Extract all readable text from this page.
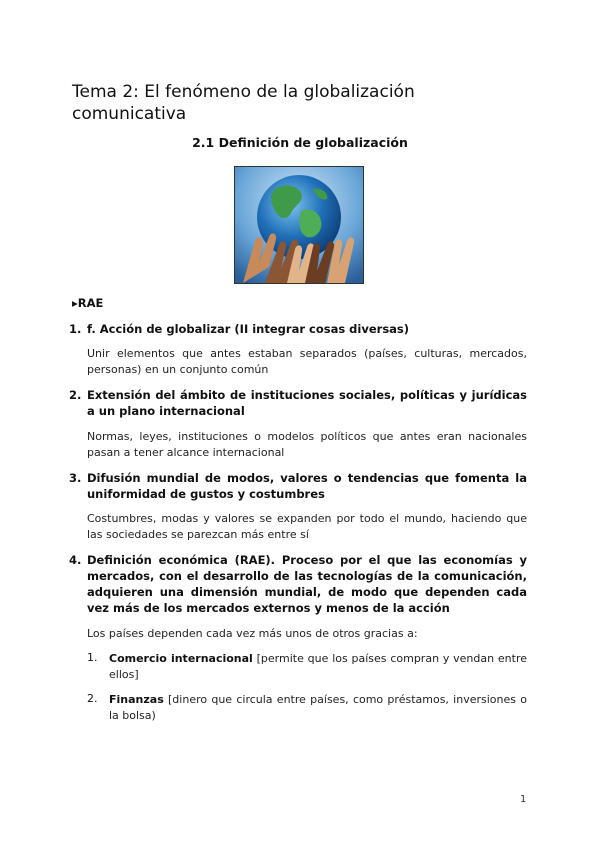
Tema 2: El fenómeno de la globalización comunicativa
2.1 Definición de globalización
▸RAE
1. f. Acción de globalizar (II integrar cosas diversas)
Unir elementos que antes estaban separados (países, culturas, mercados, personas) en un conjunto común
2. Extensión del ámbito de instituciones sociales, políticas y jurídicas a un plano internacional
Normas, leyes, instituciones o modelos políticos que antes eran nacionales pasan a tener alcance internacional
3. Difusión mundial de modos, valores o tendencias que fomenta la uniformidad de gustos y costumbres
Costumbres, modas y valores se expanden por todo el mundo, haciendo que las sociedades se parezcan más entre sí
4. Definición económica (RAE). Proceso por el que las economías y mercados, con el desarrollo de las tecnologías de la comunicación, adquieren una dimensión mundial, de modo que dependen cada vez más de los mercados externos y menos de la acción
Los países dependen cada vez más unos de otros gracias a:
1. Comercio internacional [permite que los países compran y vendan entre ellos]
2. Finanzas [dinero que circula entre países, como préstamos, inversiones o la bolsa)
1
